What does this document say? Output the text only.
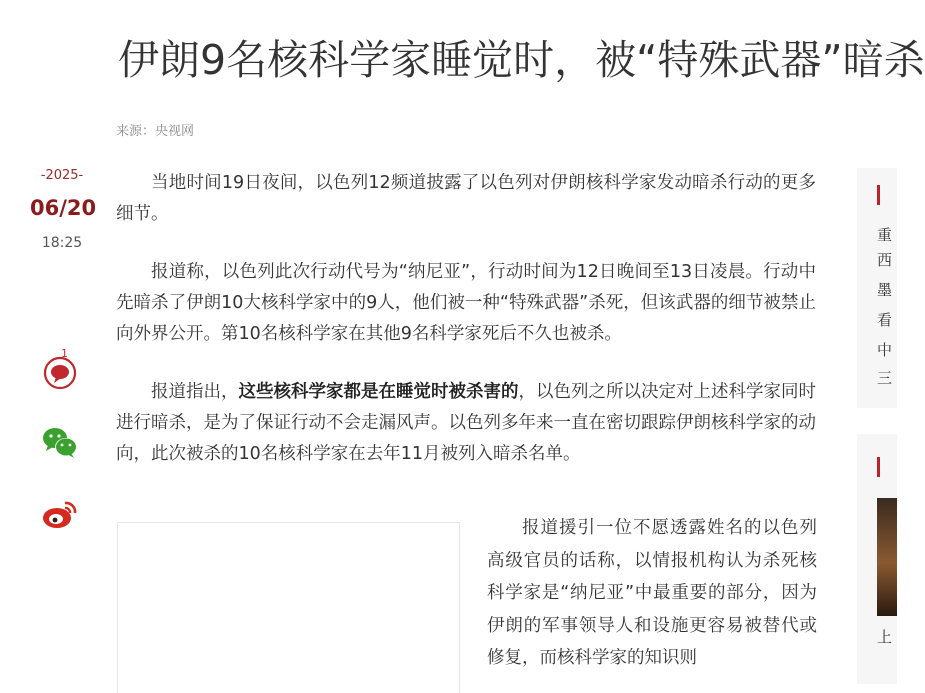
伊朗9名核科学家睡觉时，被“特殊武器”暗杀
来源：央视网
-2025-
06/20
18:25
1

当地时间19日夜间，以色列12频道披露了以色列对伊朗核科学家发动暗杀行动的更多细节。

报道称，以色列此次行动代号为“纳尼亚”，行动时间为12日晚间至13日凌晨。行动中先暗杀了伊朗10大核科学家中的9人，他们被一种“特殊武器”杀死，但该武器的细节被禁止向外界公开。第10名核科学家在其他9名科学家死后不久也被杀。

报道指出，这些核科学家都是在睡觉时被杀害的，以色列之所以决定对上述科学家同时进行暗杀，是为了保证行动不会走漏风声。以色列多年来一直在密切跟踪伊朗核科学家的动向，此次被杀的10名核科学家在去年11月被列入暗杀名单。

报道援引一位不愿透露姓名的以色列高级官员的话称，以情报机构认为杀死核科学家是“纳尼亚”中最重要的部分，因为伊朗的军事领导人和设施更容易被替代或修复，而核科学家的知识则

重
西
墨
看
中
三
上
